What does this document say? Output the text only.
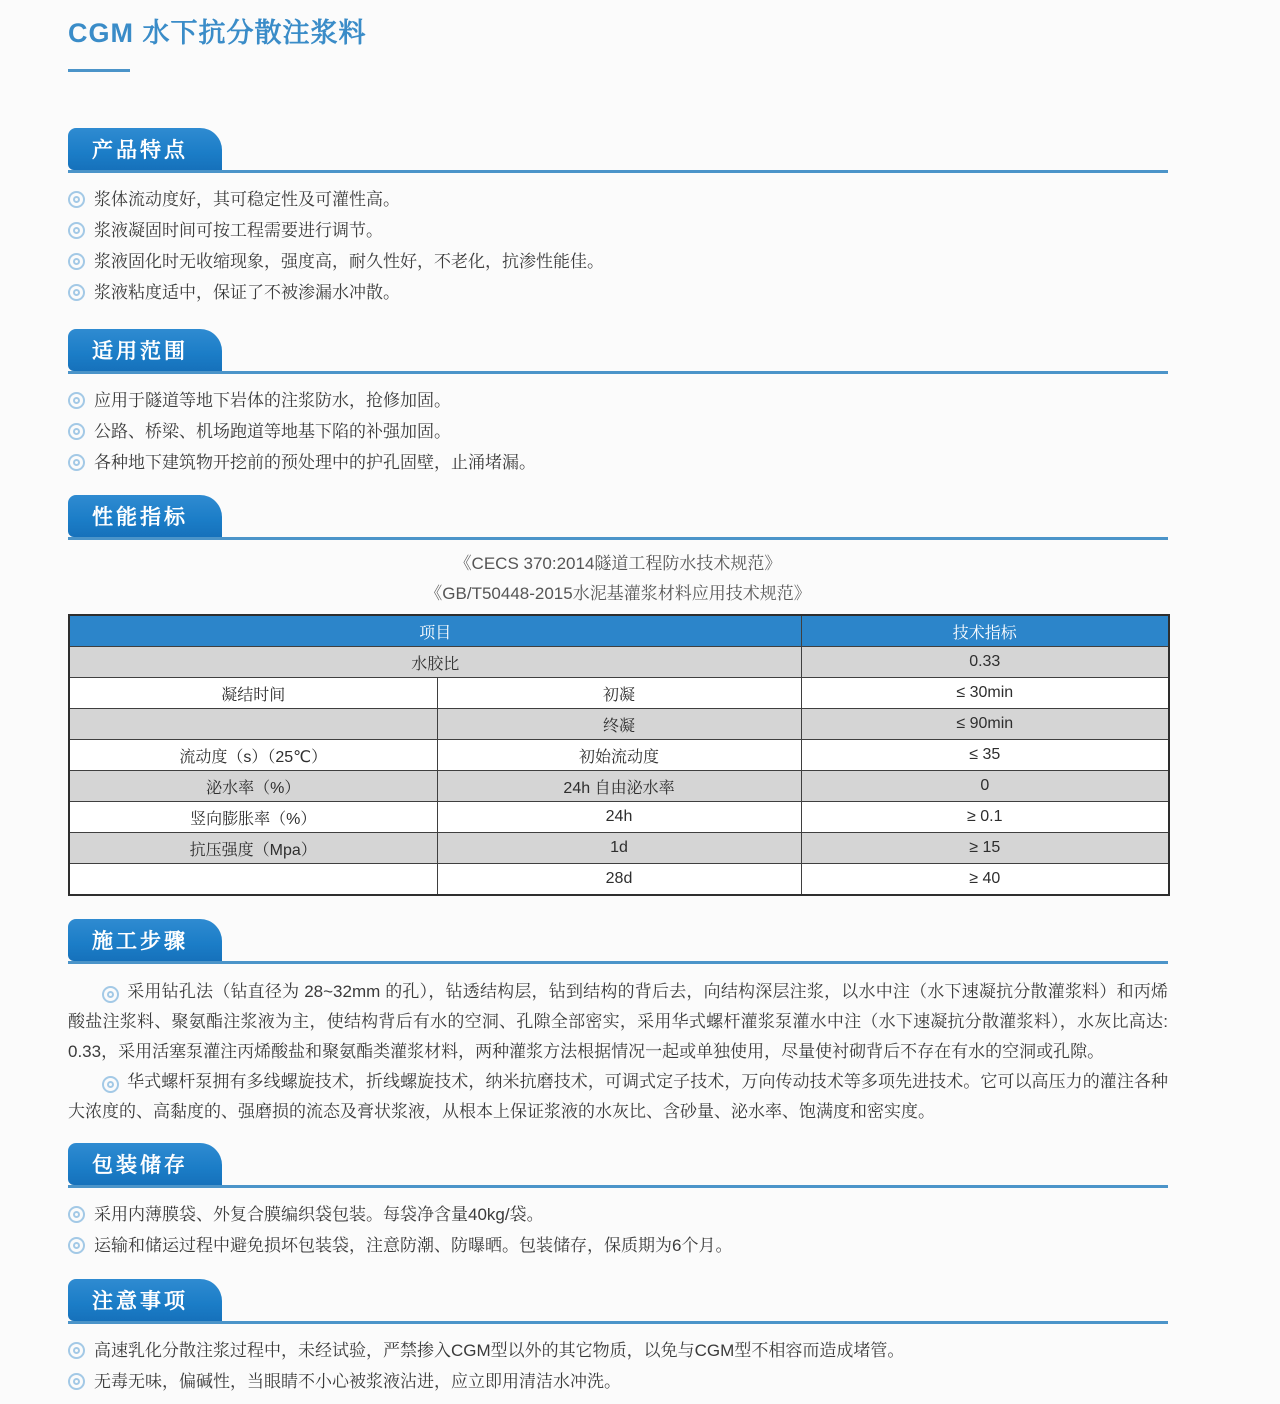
CGM 水下抗分散注浆料
产品特点
浆体流动度好，其可稳定性及可灌性高。
浆液凝固时间可按工程需要进行调节。
浆液固化时无收缩现象，强度高，耐久性好，不老化，抗渗性能佳。
浆液粘度适中，保证了不被渗漏水冲散。
适用范围
应用于隧道等地下岩体的注浆防水，抢修加固。
公路、桥梁、机场跑道等地基下陷的补强加固。
各种地下建筑物开挖前的预处理中的护孔固壁，止涌堵漏。
性能指标
《CECS 370:2014隧道工程防水技术规范》
《GB/T50448-2015水泥基灌浆材料应用技术规范》
项目		技术指标
水胶比		0.33
凝结时间	初凝	≤ 30min
	终凝	≤ 90min
流动度（s）（25℃）	初始流动度	≤ 35
泌水率（%）	24h 自由泌水率	0
竖向膨胀率（%）	24h	≥ 0.1
抗压强度（Mpa）	1d	≥ 15
	28d	≥ 40
施工步骤

采用钻孔法（钻直径为 28~32mm 的孔），钻透结构层，钻到结构的背后去，向结构深层注浆，以水中注（水下速凝抗分散灌浆料）和丙烯酸盐注浆料、聚氨酯注浆液为主，使结构背后有水的空洞、孔隙全部密实，采用华式螺杆灌浆泵灌水中注（水下速凝抗分散灌浆料），水灰比高达: 0.33，采用活塞泵灌注丙烯酸盐和聚氨酯类灌浆材料，两种灌浆方法根据情况一起或单独使用，尽量使衬砌背后不存在有水的空洞或孔隙。

华式螺杆泵拥有多线螺旋技术，折线螺旋技术，纳米抗磨技术，可调式定子技术，万向传动技术等多项先进技术。它可以高压力的灌注各种大浓度的、高黏度的、强磨损的流态及膏状浆液，从根本上保证浆液的水灰比、含砂量、泌水率、饱满度和密实度。

包装储存
采用内薄膜袋、外复合膜编织袋包装。每袋净含量40kg/袋。
运输和储运过程中避免损坏包装袋，注意防潮、防曝晒。包装储存，保质期为6个月。
注意事项
高速乳化分散注浆过程中，未经试验，严禁掺入CGM型以外的其它物质，以免与CGM型不相容而造成堵管。
无毒无味，偏碱性，当眼睛不小心被浆液沾进，应立即用清洁水冲洗。
